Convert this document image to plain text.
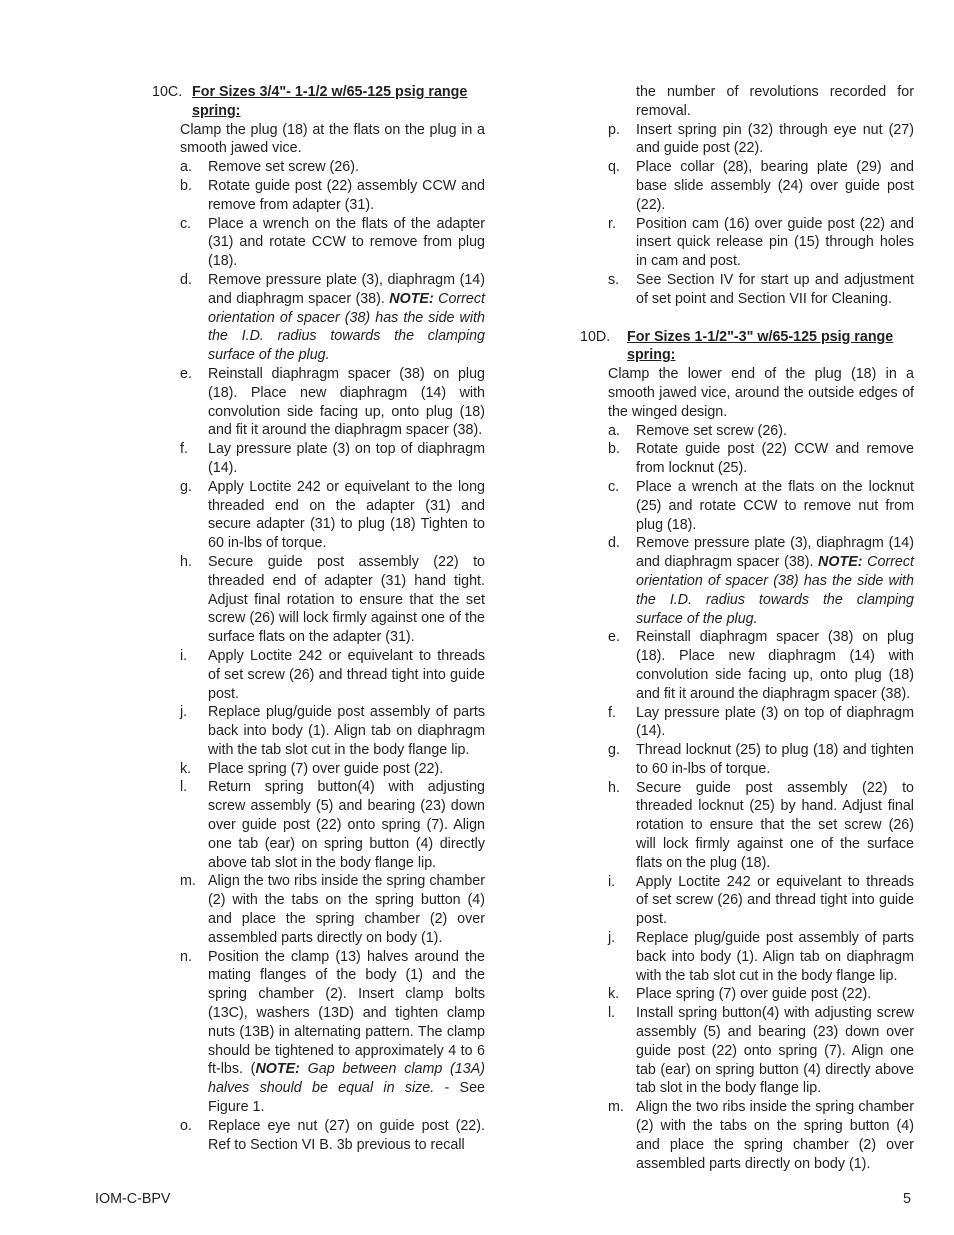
10C. For Sizes 3/4"- 1-1/2 w/65-125 psig range spring:
Clamp the plug (18) at the flats on the plug in a smooth jawed vice.
a.	Remove set screw (26).
b.	Rotate guide post (22) assembly CCW and remove from adapter (31).
c.	Place a wrench on the flats of the adapter (31) and rotate CCW to remove from plug (18).
d.	Remove pressure plate (3), diaphragm (14) and diaphragm spacer (38). NOTE: Correct orientation of spacer (38) has the side with the I.D. radius towards the clamping surface of the plug.
e.	Reinstall diaphragm spacer (38) on plug (18). Place new diaphragm (14) with convolution side facing up, onto plug (18) and fit it around the diaphragm spacer (38).
f.	Lay pressure plate (3) on top of diaphragm (14).
g.	Apply Loctite 242 or equivelant to the long threaded end on the adapter (31) and secure adapter (31) to plug (18) Tighten to 60 in-lbs of torque.
h.	Secure guide post assembly (22) to threaded end of adapter (31) hand tight. Adjust final rotation to ensure that the set screw (26) will lock firmly against one of the surface flats on the adapter (31).
i.	Apply Loctite 242 or equivelant to threads of set screw (26) and thread tight into guide post.
j.	Replace plug/guide post assembly of parts back into body (1). Align tab on diaphragm with the tab slot cut in the body flange lip.
k.	Place spring (7) over guide post (22).
l.	Return spring button(4) with adjusting screw assembly (5) and bearing (23) down over guide post (22) onto spring (7). Align one tab (ear) on spring button (4) directly above tab slot in the body flange lip.
m. Align the two ribs inside the spring chamber (2) with the tabs on the spring button (4) and place the spring chamber (2) over assembled parts directly on body (1).
n.	Position the clamp (13) halves around the mating flanges of the body (1) and the spring chamber (2). Insert clamp bolts (13C), washers (13D) and tighten clamp nuts (13B) in alternating pattern. The clamp should be tightened to approximately 4 to 6 ft-lbs. (NOTE: Gap between clamp (13A) halves should be equal in size. - See Figure 1.
o.	Replace eye nut (27) on guide post (22). Ref to Section VI B. 3b previous to recall
the number of revolutions recorded for removal.
p.	Insert spring pin (32) through eye nut (27) and guide post (22).
q.	Place collar (28), bearing plate (29) and base slide assembly (24) over guide post (22).
r.	Position cam (16) over guide post (22) and insert quick release pin (15) through holes in cam and post.
s.	See Section IV for start up and adjustment of set point and Section VII for Cleaning.
10D.	For Sizes 1-1/2"-3" w/65-125 psig range spring:
Clamp the lower end of the plug (18) in a smooth jawed vice, around the outside edges of the winged design.
a.	Remove set screw (26).
b.	Rotate guide post (22) CCW and remove from locknut (25).
c.	Place a wrench at the flats on the locknut (25) and rotate CCW to remove nut from plug (18).
d.	Remove pressure plate (3), diaphragm (14) and diaphragm spacer (38). NOTE: Correct orientation of spacer (38) has the side with the I.D. radius towards the clamping surface of the plug.
e.	Reinstall diaphragm spacer (38) on plug (18). Place new diaphragm (14) with convolution side facing up, onto plug (18) and fit it around the diaphragm spacer (38).
f.	Lay pressure plate (3) on top of diaphragm (14).
g.	Thread locknut (25) to plug (18) and tighten to 60 in-lbs of torque.
h.	Secure guide post assembly (22) to threaded locknut (25) by hand. Adjust final rotation to ensure that the set screw (26) will lock firmly against one of the surface flats on the plug (18).
i.	Apply Loctite 242 or equivelant to threads of set screw (26) and thread tight into guide post.
j.	Replace plug/guide post assembly of parts back into body (1). Align tab on diaphragm with the tab slot cut in the body flange lip.
k.	Place spring (7) over guide post (22).
l.	Install spring button(4) with adjusting screw assembly (5) and bearing (23) down over guide post (22) onto spring (7). Align one tab (ear) on spring button (4) directly above tab slot in the body flange lip.
m. Align the two ribs inside the spring chamber (2) with the tabs on the spring button (4) and place the spring chamber (2) over assembled parts directly on body (1).
IOM-C-BPV	5
